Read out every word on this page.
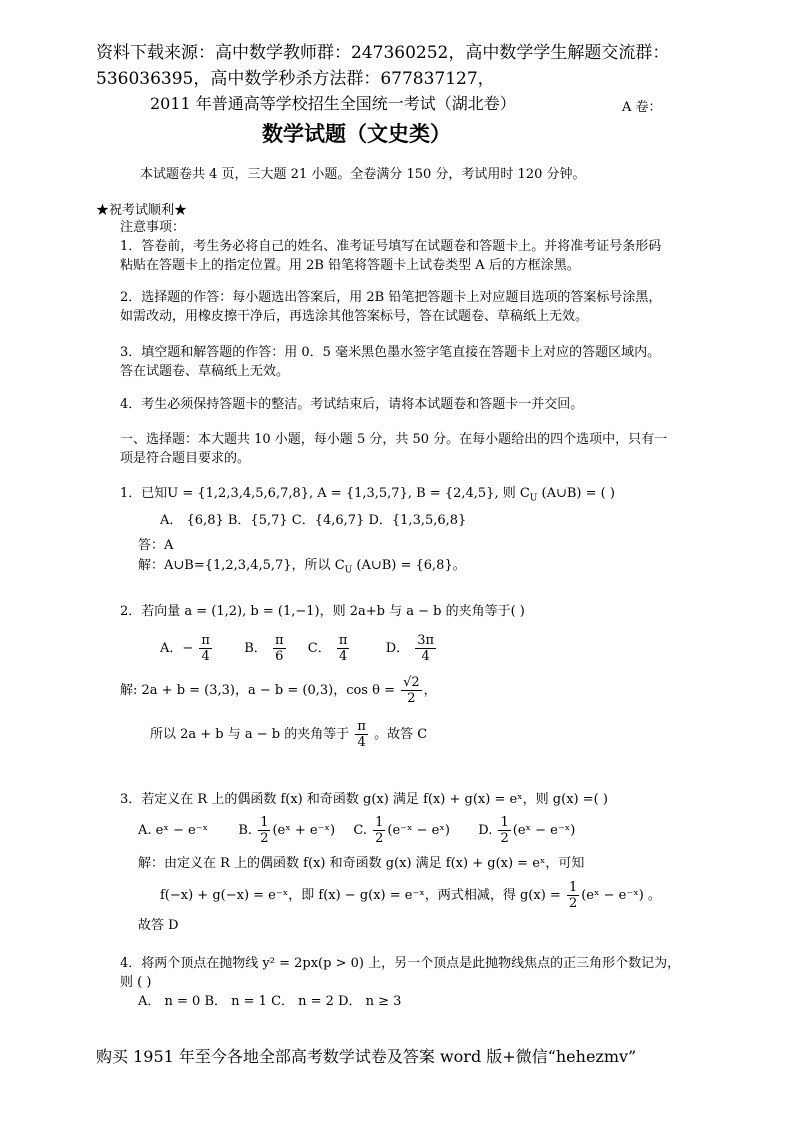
资料下载来源：高中数学教师群：247360252，高中数学学生解题交流群：
536036395，高中数学秒杀方法群：677837127，
2011 年普通高等学校招生全国统一考试（湖北卷）	A 卷：
数学试题（文史类）
本试题卷共 4 页，三大题 21 小题。全卷满分 150 分，考试用时 120 分钟。
★祝考试顺利★
注意事项：
1．答卷前，考生务必将自己的姓名、准考证号填写在试题卷和答题卡上。并将准考证号条形码
粘贴在答题卡上的指定位置。用 2B 铅笔将答题卡上试卷类型 A 后的方框涂黑。
2．选择题的作答：每小题选出答案后，用 2B 铅笔把答题卡上对应题目选项的答案标号涂黑，
如需改动，用橡皮擦干净后，再选涂其他答案标号，答在试题卷、草稿纸上无效。
3．填空题和解答题的作答：用 0．5 毫米黑色墨水签字笔直接在答题卡上对应的答题区域内。
答在试题卷、草稿纸上无效。
4．考生必须保持答题卡的整洁。考试结束后，请将本试题卷和答题卡一并交回。
一、选择题：本大题共 10 小题，每小题 5 分，共 50 分。在每小题给出的四个选项中，只有一
项是符合题目要求的。
1．已知U = {1,2,3,4,5,6,7,8}, A = {1,3,5,7}, B = {2,4,5}, 则 $C_U$ (A∪B) = ( )
A． {6,8} B．{5,7} C．{4,6,7} D．{1,3,5,6,8}
答：A
解：A∪B={1,2,3,4,5,7}，所以 $C_U$ (A∪B) = {6,8}。
2．若向量 a = (1,2), b = (1,−1)，则 2a+b 与 a − b 的夹角等于( )
A．− $\frac{\pi}{4}$ B． $\frac{\pi}{6}$ C． $\frac{\pi}{4}$	D． $\frac{3\pi}{4}$
解: 2a + b = (3,3)，a − b = (0,3)，$\cos \theta = \frac{√2}{2}$ ，
所以 2a + b 与 a − b 的夹角等于 $\frac{\pi}{4}$ 。故答 C
3．若定义在 R 上的偶函数 f(x) 和奇函数 g(x) 满足 f(x) + g(x) = eˣ，则 g(x) =( )
A. eˣ − e⁻ˣ B. $\frac{1}{2}$ (eˣ + e⁻ˣ) C. $\frac{1}{2}$ (e⁻ˣ − eˣ) D. $\frac{1}{2}$ (eˣ − e⁻ˣ)
解：由定义在 R 上的偶函数 f(x) 和奇函数 g(x) 满足 f(x) + g(x) = eˣ，可知
f(−x) + g(−x) = e⁻ˣ，即 f(x) − g(x) = e⁻ˣ，两式相减，得 $g(x) = \frac{1}{2}$ (eˣ − e⁻ˣ) 。
故答 D
4．将两个顶点在抛物线 y² = 2px(p > 0) 上，另一个顶点是此抛物线焦点的正三角形个数记为，
则 ( )
A． n = 0 B． n = 1 C． n = 2 D． n ≥ 3
购买 1951 年至今各地全部高考数学试卷及答案 word 版+微信“hehezmv”
